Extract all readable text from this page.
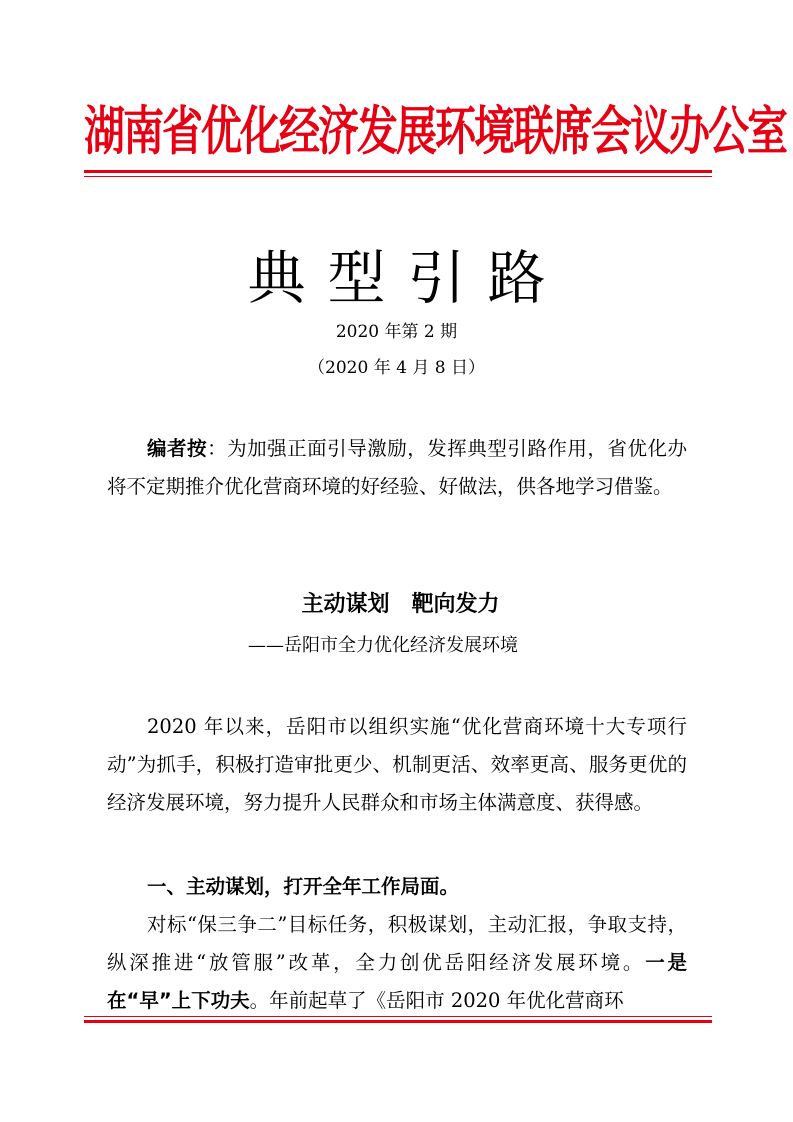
湖南省优化经济发展环境联席会议办公室
典型引路
2020 年第 2 期
（2020 年 4 月 8 日）
编者按：为加强正面引导激励，发挥典型引路作用，省优化办将不定期推介优化营商环境的好经验、好做法，供各地学习借鉴。
主动谋划　靶向发力
——岳阳市全力优化经济发展环境
2020 年以来，岳阳市以组织实施“优化营商环境十大专项行动”为抓手，积极打造审批更少、机制更活、效率更高、服务更优的经济发展环境，努力提升人民群众和市场主体满意度、获得感。
一、主动谋划，打开全年工作局面。
对标“保三争二”目标任务，积极谋划，主动汇报，争取支持，纵深推进“放管服”改革，全力创优岳阳经济发展环境。一是在“早”上下功夫。年前起草了《岳阳市 2020 年优化营商环
